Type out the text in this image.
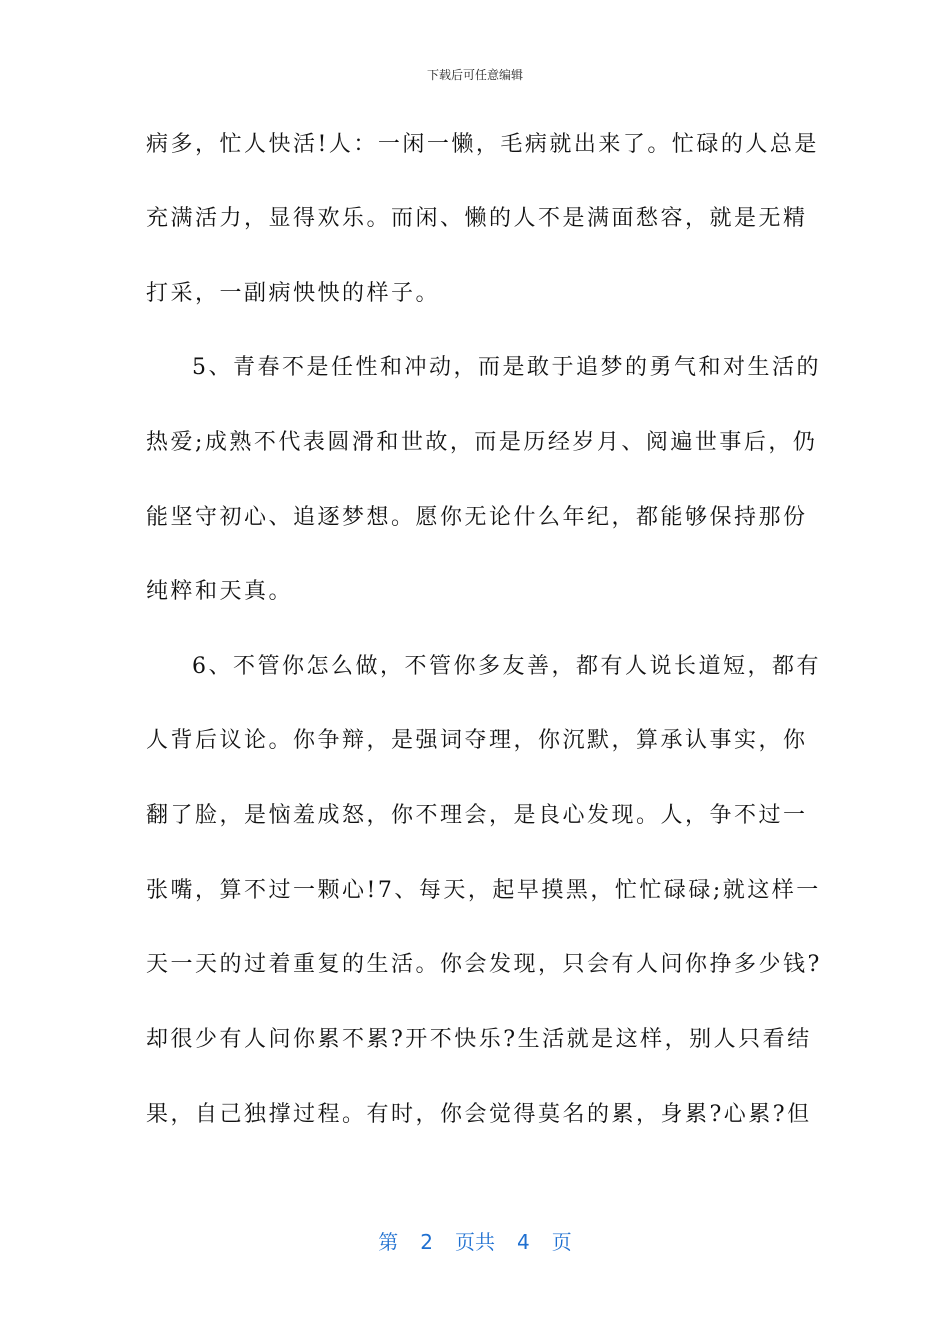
下载后可任意编辑
病多，忙人快活!人：一闲一懒，毛病就出来了。忙碌的人总是
充满活力，显得欢乐。而闲、懒的人不是满面愁容，就是无精
打采，一副病怏怏的样子。
5、青春不是任性和冲动，而是敢于追梦的勇气和对生活的
热爱;成熟不代表圆滑和世故，而是历经岁月、阅遍世事后，仍
能坚守初心、追逐梦想。愿你无论什么年纪，都能够保持那份
纯粹和天真。
6、不管你怎么做，不管你多友善，都有人说长道短，都有
人背后议论。你争辩，是强词夺理，你沉默，算承认事实，你
翻了脸，是恼羞成怒，你不理会，是良心发现。人，争不过一
张嘴，算不过一颗心!7、每天，起早摸黑，忙忙碌碌;就这样一
天一天的过着重复的生活。你会发现，只会有人问你挣多少钱?
却很少有人问你累不累?开不快乐?生活就是这样，别人只看结
果，自己独撑过程。有时，你会觉得莫名的累，身累?心累?但
第 2 页共 4 页
